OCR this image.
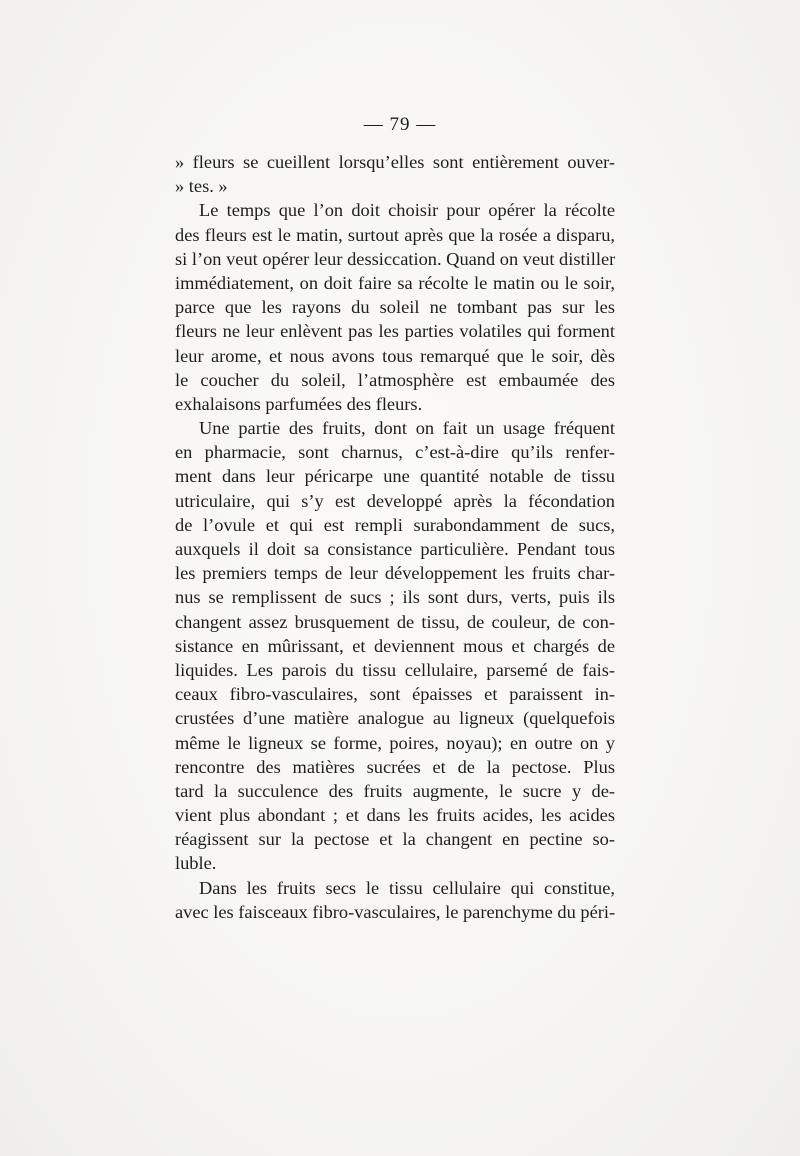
— 79 —
» fleurs se cueillent lorsqu’elles sont entièrement ouver-
» tes. »
Le temps que l’on doit choisir pour opérer la récolte
des fleurs est le matin, surtout après que la rosée a disparu,
si l’on veut opérer leur dessiccation. Quand on veut distiller
immédiatement, on doit faire sa récolte le matin ou le soir,
parce que les rayons du soleil ne tombant pas sur les
fleurs ne leur enlèvent pas les parties volatiles qui forment
leur arome, et nous avons tous remarqué que le soir, dès
le coucher du soleil, l’atmosphère est embaumée des
exhalaisons parfumées des fleurs.
Une partie des fruits, dont on fait un usage fréquent
en pharmacie, sont charnus, c’est-à-dire qu’ils renfer-
ment dans leur péricarpe une quantité notable de tissu
utriculaire, qui s’y est developpé après la fécondation
de l’ovule et qui est rempli surabondamment de sucs,
auxquels il doit sa consistance particulière. Pendant tous
les premiers temps de leur développement les fruits char-
nus se remplissent de sucs ; ils sont durs, verts, puis ils
changent assez brusquement de tissu, de couleur, de con-
sistance en mûrissant, et deviennent mous et chargés de
liquides. Les parois du tissu cellulaire, parsemé de fais-
ceaux fibro-vasculaires, sont épaisses et paraissent in-
crustées d’une matière analogue au ligneux (quelquefois
même le ligneux se forme, poires, noyau); en outre on y
rencontre des matières sucrées et de la pectose. Plus
tard la succulence des fruits augmente, le sucre y de-
vient plus abondant ; et dans les fruits acides, les acides
réagissent sur la pectose et la changent en pectine so-
luble.
Dans les fruits secs le tissu cellulaire qui constitue,
avec les faisceaux fibro-vasculaires, le parenchyme du péri-
